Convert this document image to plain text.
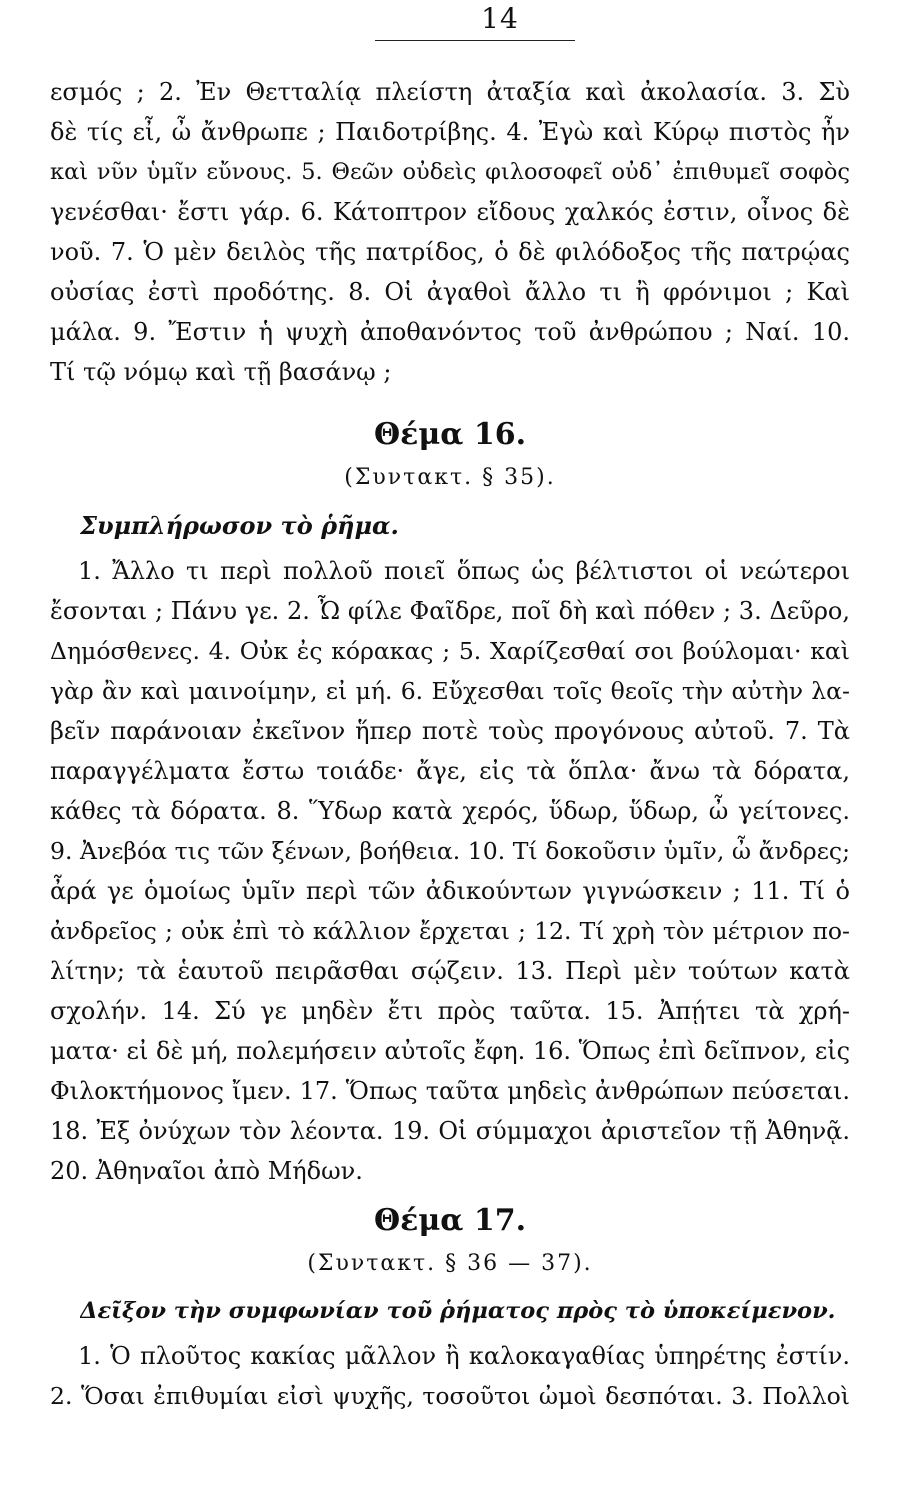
14
εσμός ; 2. Ἐν Θετταλίᾳ πλείστη ἀταξία καὶ ἀκολασία. 3. Σὺ
δὲ τίς εἶ, ὦ ἄνθρωπε ; Παιδοτρίβης. 4. Ἐγὼ καὶ Κύρῳ πιστὸς ἦν
καὶ νῦν ὑμῖν εὔνους. 5. Θεῶν οὐδεὶς φιλοσοφεῖ οὐδ᾽ ἐπιθυμεῖ σοφὸς
γενέσθαι· ἔστι γάρ. 6. Κάτοπτρον εἴδους χαλκός ἐστιν, οἶνος δὲ
νοῦ. 7. Ὁ μὲν δειλὸς τῆς πατρίδος, ὁ δὲ φιλόδοξος τῆς πατρῴας
οὐσίας ἐστὶ προδότης. 8. Οἱ ἀγαθοὶ ἄλλο τι ἢ φρόνιμοι ; Καὶ
μάλα. 9. Ἔστιν ἡ ψυχὴ ἀποθανόντος τοῦ ἀνθρώπου ; Ναί. 10.
Τί τῷ νόμῳ καὶ τῇ βασάνῳ ;
Θέμα 16.
(Συντακτ. § 35).
Συμπλήρωσον τὸ ῥῆμα.
1. Ἄλλο τι περὶ πολλοῦ ποιεῖ ὅπως ὡς βέλτιστοι οἱ νεώτεροι
ἔσονται ; Πάνυ γε. 2. Ὦ φίλε Φαῖδρε, ποῖ δὴ καὶ πόθεν ; 3. Δεῦρο,
Δημόσθενες. 4. Οὐκ ἐς κόρακας ; 5. Χαρίζεσθαί σοι βούλομαι· καὶ
γὰρ ἂν καὶ μαινοίμην, εἰ μή. 6. Εὔχεσθαι τοῖς θεοῖς τὴν αὐτὴν λα-
βεῖν παράνοιαν ἐκεῖνον ἥπερ ποτὲ τοὺς προγόνους αὐτοῦ. 7. Τὰ
παραγγέλματα ἔστω τοιάδε· ἄγε, εἰς τὰ ὅπλα· ἄνω τὰ δόρατα,
κάθες τὰ δόρατα. 8. Ὕδωρ κατὰ χερός, ὕδωρ, ὕδωρ, ὦ γείτονες.
9. Ἀνεβόα τις τῶν ξένων, βοήθεια. 10. Τί δοκοῦσιν ὑμῖν, ὦ ἄνδρες;
ἆρά γε ὁμοίως ὑμῖν περὶ τῶν ἀδικούντων γιγνώσκειν ; 11. Τί ὁ
ἀνδρεῖος ; οὐκ ἐπὶ τὸ κάλλιον ἔρχεται ; 12. Τί χρὴ τὸν μέτριον πο-
λίτην; τὰ ἑαυτοῦ πειρᾶσθαι σῴζειν. 13. Περὶ μὲν τούτων κατὰ
σχολήν. 14. Σύ γε μηδὲν ἔτι πρὸς ταῦτα. 15. Ἀπῄτει τὰ χρή-
ματα· εἰ δὲ μή, πολεμήσειν αὐτοῖς ἔφη. 16. Ὅπως ἐπὶ δεῖπνον, εἰς
Φιλοκτήμονος ἴμεν. 17. Ὅπως ταῦτα μηδεὶς ἀνθρώπων πεύσεται.
18. Ἐξ ὀνύχων τὸν λέοντα. 19. Οἱ σύμμαχοι ἀριστεῖον τῇ Ἀθηνᾷ.
20. Ἀθηναῖοι ἀπὸ Μήδων.
Θέμα 17.
(Συντακτ. § 36 — 37).
Δεῖξον τὴν συμφωνίαν τοῦ ῥήματος πρὸς τὸ ὑποκείμενον.
1. Ὁ πλοῦτος κακίας μᾶλλον ἢ καλοκαγαθίας ὑπηρέτης ἐστίν.
2. Ὅσαι ἐπιθυμίαι εἰσὶ ψυχῆς, τοσοῦτοι ὠμοὶ δεσπόται. 3. Πολλοὶ
